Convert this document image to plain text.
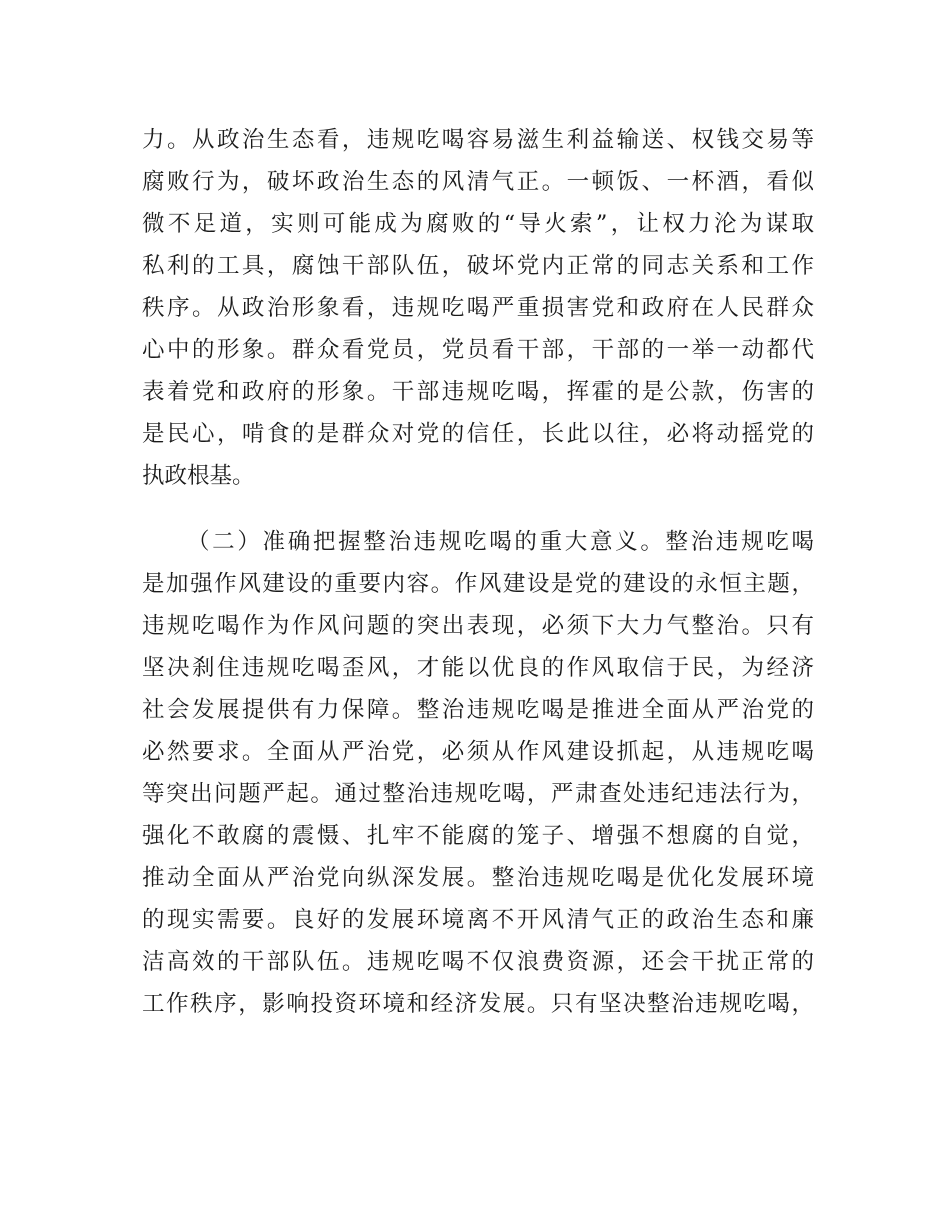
力。从政治生态看，违规吃喝容易滋生利益输送、权钱交易等
腐败行为，破坏政治生态的风清气正。一顿饭、一杯酒，看似
微不足道，实则可能成为腐败的“导火索”，让权力沦为谋取
私利的工具，腐蚀干部队伍，破坏党内正常的同志关系和工作
秩序。从政治形象看，违规吃喝严重损害党和政府在人民群众
心中的形象。群众看党员，党员看干部，干部的一举一动都代
表着党和政府的形象。干部违规吃喝，挥霍的是公款，伤害的
是民心，啃食的是群众对党的信任，长此以往，必将动摇党的
执政根基。
（二）准确把握整治违规吃喝的重大意义。整治违规吃喝
是加强作风建设的重要内容。作风建设是党的建设的永恒主题，
违规吃喝作为作风问题的突出表现，必须下大力气整治。只有
坚决刹住违规吃喝歪风，才能以优良的作风取信于民，为经济
社会发展提供有力保障。整治违规吃喝是推进全面从严治党的
必然要求。全面从严治党，必须从作风建设抓起，从违规吃喝
等突出问题严起。通过整治违规吃喝，严肃查处违纪违法行为，
强化不敢腐的震慑、扎牢不能腐的笼子、增强不想腐的自觉，
推动全面从严治党向纵深发展。整治违规吃喝是优化发展环境
的现实需要。良好的发展环境离不开风清气正的政治生态和廉
洁高效的干部队伍。违规吃喝不仅浪费资源，还会干扰正常的
工作秩序，影响投资环境和经济发展。只有坚决整治违规吃喝，
